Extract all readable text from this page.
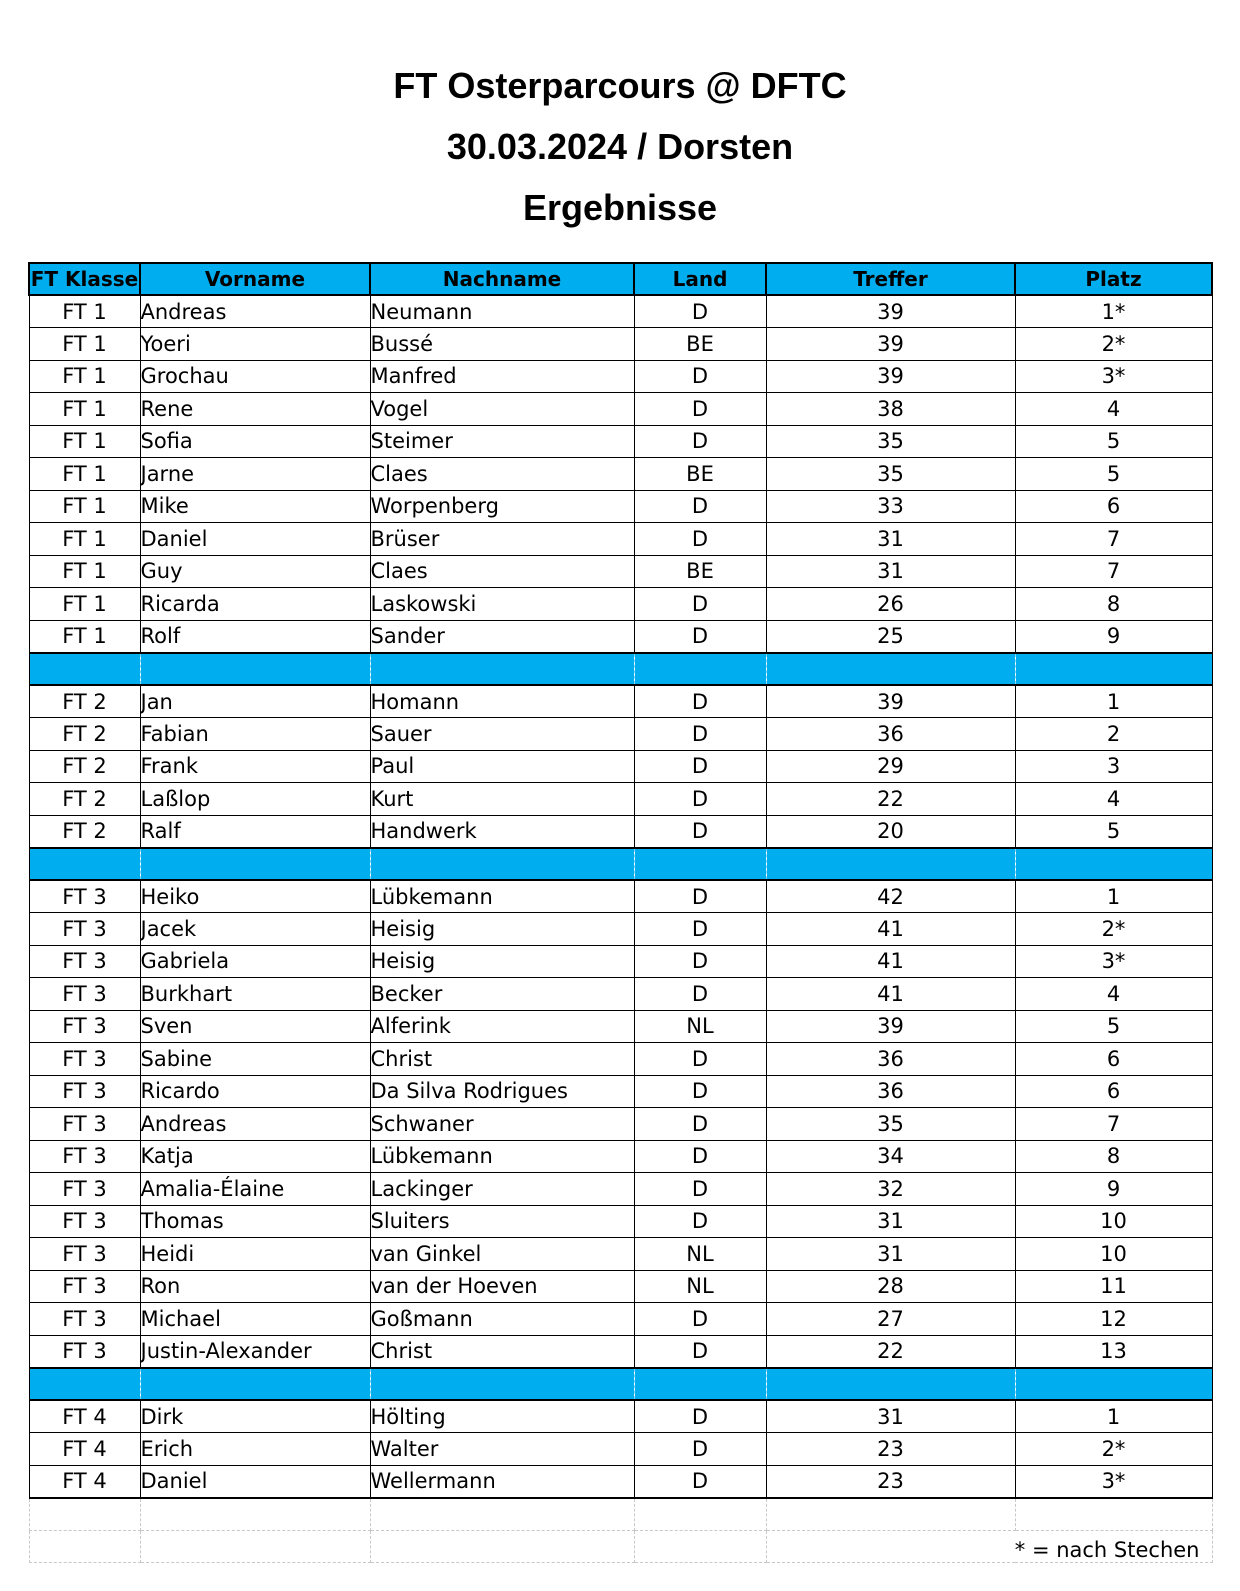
FT Osterparcours @ DFTC
30.03.2024 / Dorsten
Ergebnisse
FT Klasse	Vorname	Nachname	Land	Treffer	Platz
FT 1	Andreas	Neumann	D	39	1*
FT 1	Yoeri	Bussé	BE	39	2*
FT 1	Grochau	Manfred	D	39	3*
FT 1	Rene	Vogel	D	38	4
FT 1	Sofia	Steimer	D	35	5
FT 1	Jarne	Claes	BE	35	5
FT 1	Mike	Worpenberg	D	33	6
FT 1	Daniel	Brüser	D	31	7
FT 1	Guy	Claes	BE	31	7
FT 1	Ricarda	Laskowski	D	26	8
FT 1	Rolf	Sander	D	25	9

FT 2	Jan	Homann	D	39	1
FT 2	Fabian	Sauer	D	36	2
FT 2	Frank	Paul	D	29	3
FT 2	Laßlop	Kurt	D	22	4
FT 2	Ralf	Handwerk	D	20	5

FT 3	Heiko	Lübkemann	D	42	1
FT 3	Jacek	Heisig	D	41	2*
FT 3	Gabriela	Heisig	D	41	3*
FT 3	Burkhart	Becker	D	41	4
FT 3	Sven	Alferink	NL	39	5
FT 3	Sabine	Christ	D	36	6
FT 3	Ricardo	Da Silva Rodrigues	D	36	6
FT 3	Andreas	Schwaner	D	35	7
FT 3	Katja	Lübkemann	D	34	8
FT 3	Amalia-Élaine	Lackinger	D	32	9
FT 3	Thomas	Sluiters	D	31	10
FT 3	Heidi	van Ginkel	NL	31	10
FT 3	Ron	van der Hoeven	NL	28	11
FT 3	Michael	Goßmann	D	27	12
FT 3	Justin-Alexander	Christ	D	22	13

FT 4	Dirk	Hölting	D	31	1
FT 4	Erich	Walter	D	23	2*
FT 4	Daniel	Wellermann	D	23	3*

				* = nach Stechen	
